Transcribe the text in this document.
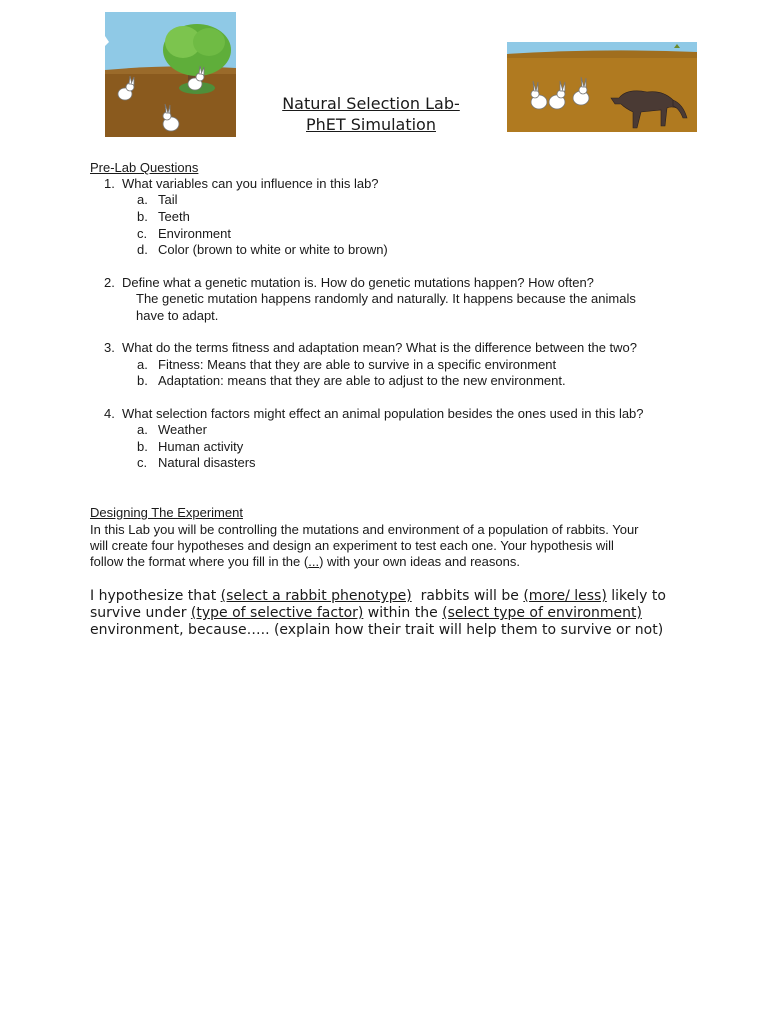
Natural Selection Lab-
PhET Simulation
Pre-Lab Questions
1. What variables can you influence in this lab?
a. Tail
b. Teeth
c. Environment
d. Color (brown to white or white to brown)
2. Define what a genetic mutation is. How do genetic mutations happen? How often?
The genetic mutation happens randomly and naturally. It happens because the animals
have to adapt.
3. What do the terms fitness and adaptation mean? What is the difference between the two?
a. Fitness: Means that they are able to survive in a specific environment
b. Adaptation: means that they are able to adjust to the new environment.
4. What selection factors might effect an animal population besides the ones used in this lab?
a. Weather
b. Human activity
c. Natural disasters
Designing The Experiment
In this Lab you will be controlling the mutations and environment of a population of rabbits. Your
will create four hypotheses and design an experiment to test each one. Your hypothesis will
follow the format where you fill in the (...) with your own ideas and reasons.
I hypothesize that (select a rabbit phenotype)  rabbits will be (more/ less) likely to
survive under (type of selective factor) within the (select type of environment)
environment, because….. (explain how their trait will help them to survive or not)
